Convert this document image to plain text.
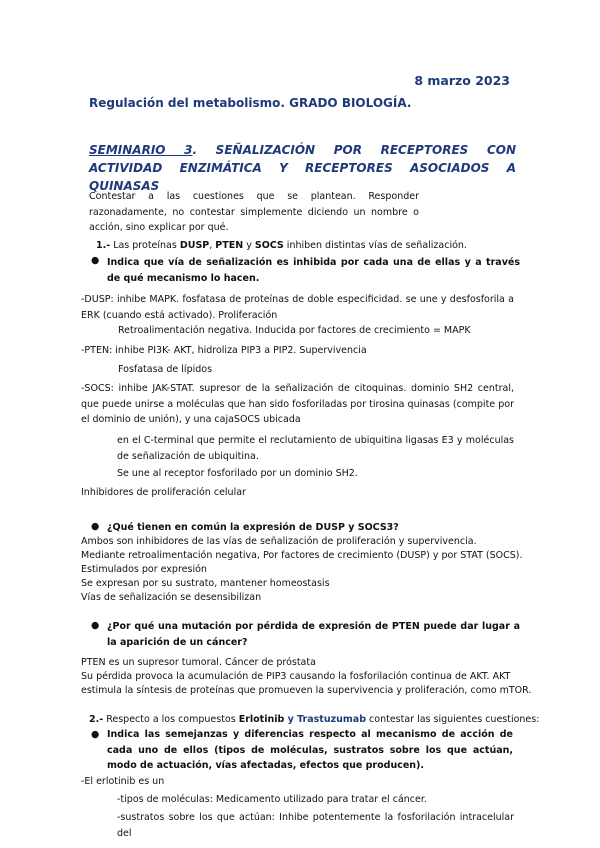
8 marzo 2023
Regulación del metabolismo. GRADO BIOLOGÍA.
SEMINARIO 3. SEÑALIZACIÓN POR RECEPTORES CON ACTIVIDAD ENZIMÁTICA Y RECEPTORES ASOCIADOS A QUINASAS
Contestar a las cuestiones que se plantean. Responder razonadamente, no contestar simplemente diciendo un nombre o acción, sino explicar por qué.
1.- Las proteínas DUSP, PTEN y SOCS inhiben distintas vías de señalización.
● Indica que vía de señalización es inhibida por cada una de ellas y a través de qué mecanismo lo hacen.
-DUSP: inhibe MAPK. fosfatasa de proteínas de doble especificidad. se une y desfosforila a ERK (cuando está activado). Proliferación
Retroalimentación negativa. Inducida por factores de crecimiento = MAPK
-PTEN: inhibe PI3K- AKT, hidroliza PIP3 a PIP2. Supervivencia
Fosfatasa de lípidos
-SOCS: inhibe JAK-STAT. supresor de la señalización de citoquinas. dominio SH2 central, que puede unirse a moléculas que han sido fosforiladas por tirosina quinasas (compite por el dominio de unión), y una cajaSOCS ubicada
en el C-terminal que permite el reclutamiento de ubiquitina ligasas E3 y moléculas de señalización de ubiquitina.
Se une al receptor fosforilado por un dominio SH2.
Inhibidores de proliferación celular
● ¿Qué tienen en común la expresión de DUSP y SOCS3?
Ambos son inhibidores de las vías de señalización de proliferación y supervivencia.
Mediante retroalimentación negativa, Por factores de crecimiento (DUSP) y por STAT (SOCS).
Estimulados por expresión
Se expresan por su sustrato, mantener homeostasis
Vías de señalización se desensibilizan
● ¿Por qué una mutación por pérdida de expresión de PTEN puede dar lugar a la aparición de un cáncer?
PTEN es un supresor tumoral. Cáncer de próstata
Su pérdida provoca la acumulación de PIP3 causando la fosforilación continua de AKT. AKT
estimula la síntesis de proteínas que promueven la supervivencia y proliferación, como mTOR.
2.- Respecto a los compuestos Erlotinib y Trastuzumab contestar las siguientes cuestiones:
● Indica las semejanzas y diferencias respecto al mecanismo de acción de cada uno de ellos (tipos de moléculas, sustratos sobre los que actúan, modo de actuación, vías afectadas, efectos que producen).
-El erlotinib es un
-tipos de moléculas: Medicamento utilizado para tratar el cáncer.
-sustratos sobre los que actúan: Inhibe potentemente la fosforilación intracelular del
